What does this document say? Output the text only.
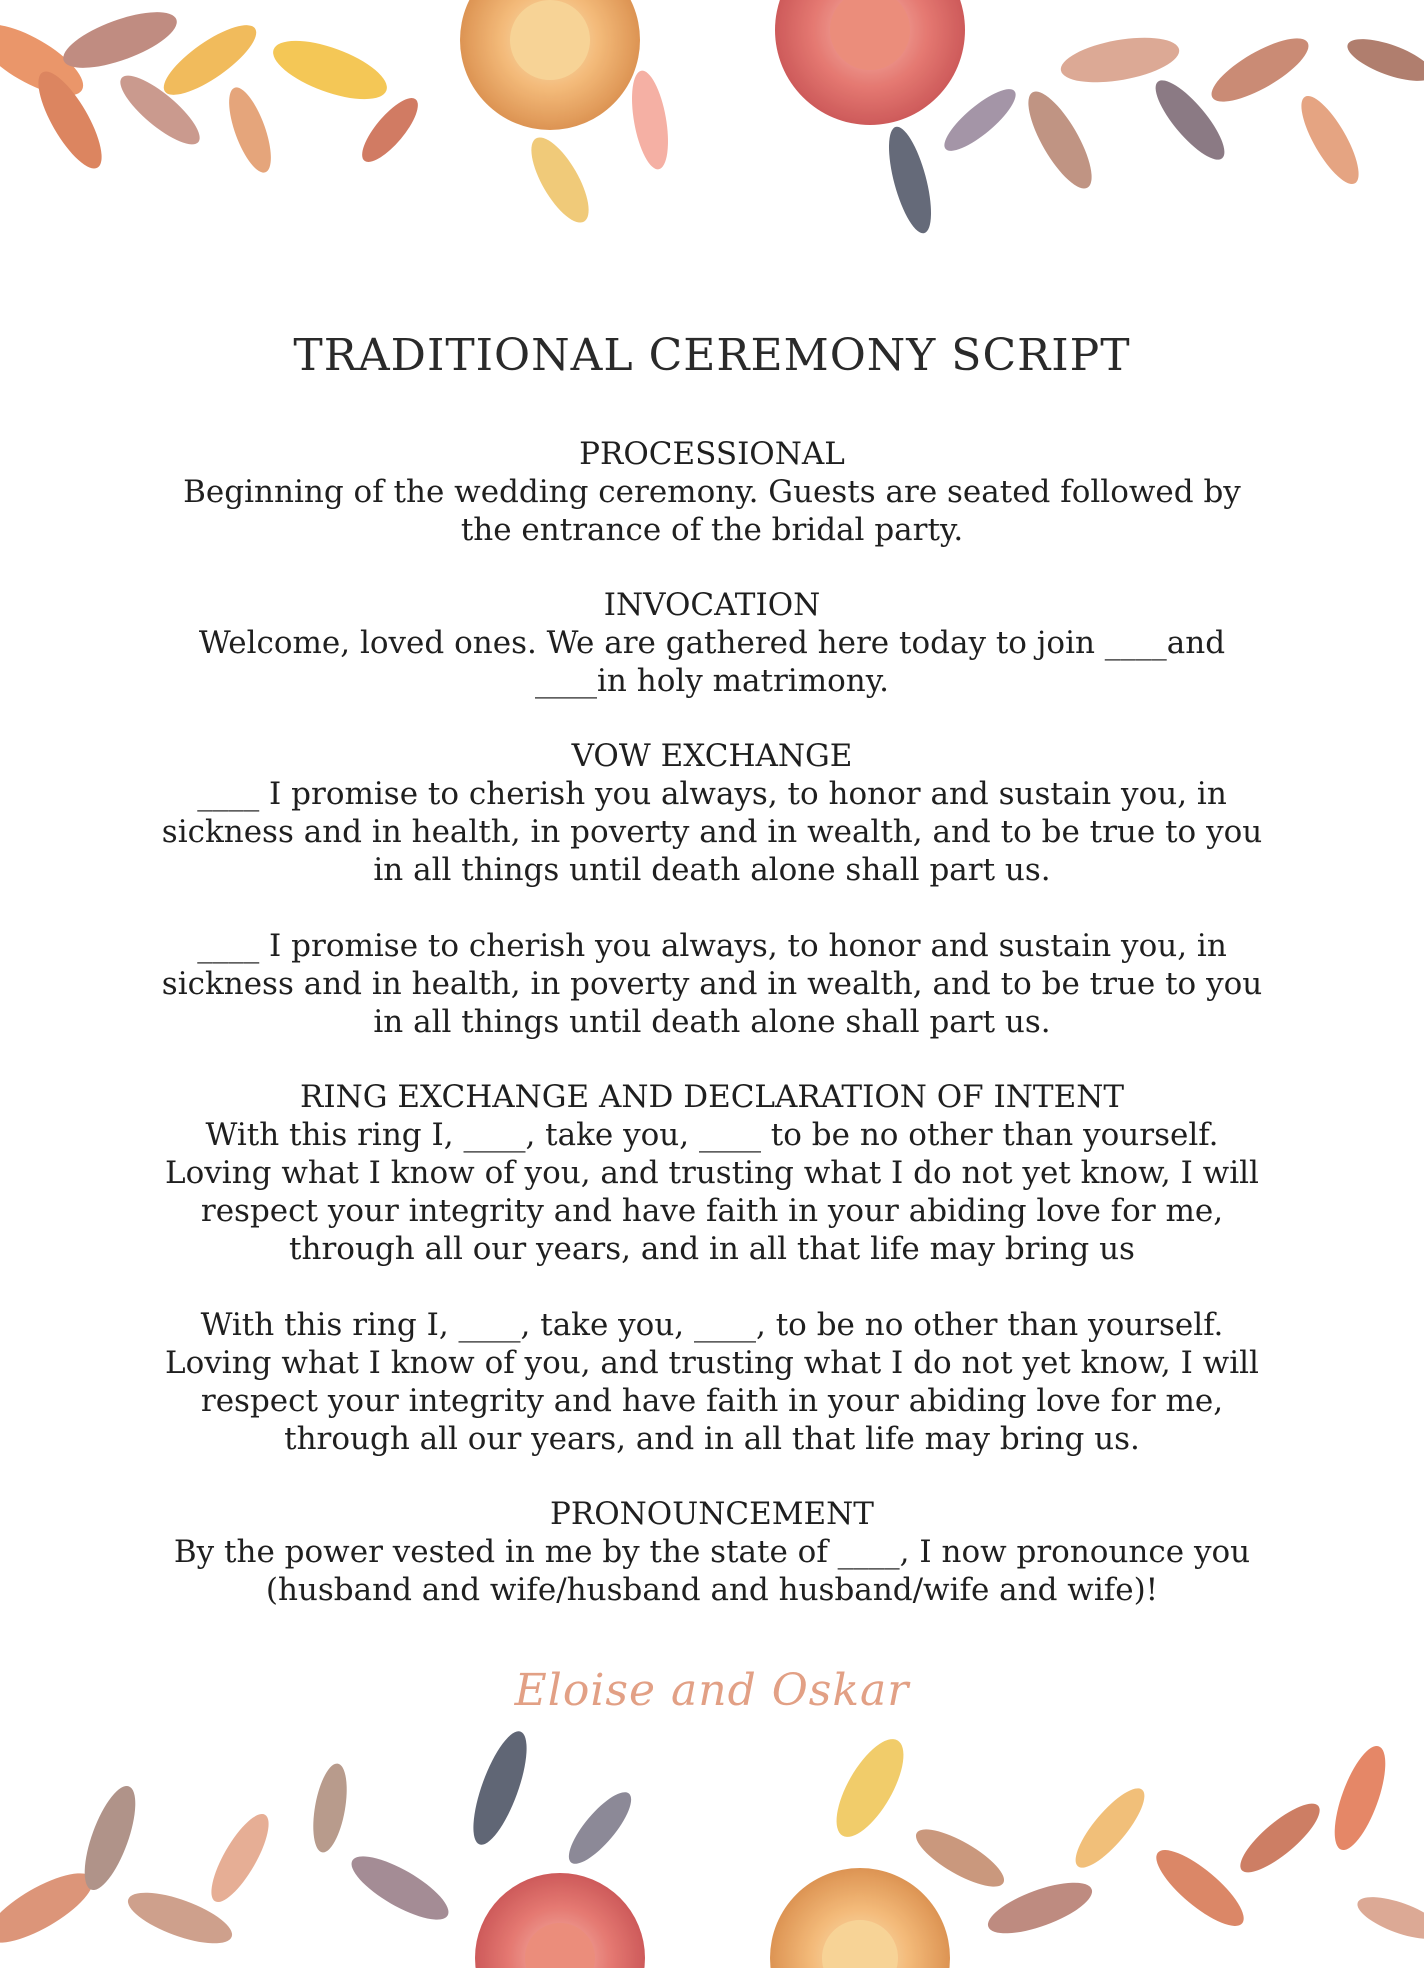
TRADITIONAL CEREMONY SCRIPT

PROCESSIONAL

Beginning of the wedding ceremony. Guests are seated followed by
the entrance of the bridal party.

INVOCATION

Welcome, loved ones. We are gathered here today to join ____and
____in holy matrimony.

VOW EXCHANGE

____ I promise to cherish you always, to honor and sustain you, in
sickness and in health, in poverty and in wealth, and to be true to you
in all things until death alone shall part us.

____ I promise to cherish you always, to honor and sustain you, in
sickness and in health, in poverty and in wealth, and to be true to you
in all things until death alone shall part us.

RING EXCHANGE AND DECLARATION OF INTENT

With this ring I, ____, take you, ____ to be no other than yourself.
Loving what I know of you, and trusting what I do not yet know, I will
respect your integrity and have faith in your abiding love for me,
through all our years, and in all that life may bring us

With this ring I, ____, take you, ____, to be no other than yourself.
Loving what I know of you, and trusting what I do not yet know, I will
respect your integrity and have faith in your abiding love for me,
through all our years, and in all that life may bring us.

PRONOUNCEMENT

By the power vested in me by the state of ____, I now pronounce you
(husband and wife/husband and husband/wife and wife)!

Eloise and Oskar
